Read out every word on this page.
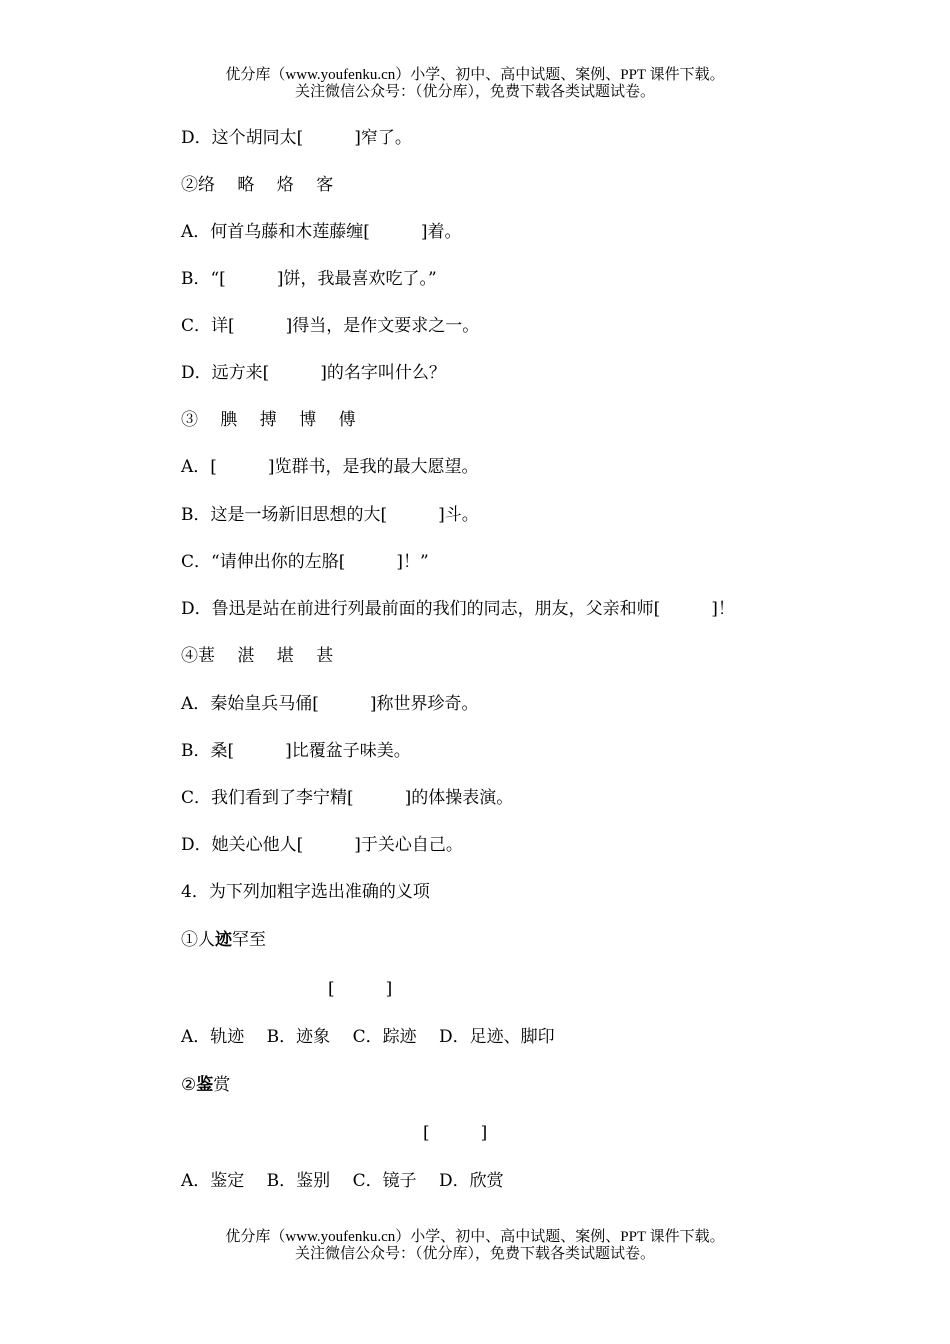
优分库（www.youfenku.cn）小学、初中、高中试题、案例、PPT 课件下载。
关注微信公众号：（优分库），免费下载各类试题试卷。
D．这个胡同太[　　　]窄了。
②络　 略　 烙　 客
A．何首乌藤和木莲藤缠[　　　]着。
B．“[　　　]饼，我最喜欢吃了。”
C．详[　　　]得当，是作文要求之一。
D．远方来[　　　]的名字叫什么？
③　 腆　 搏　 博　 傅
A．[　　　]览群书，是我的最大愿望。
B．这是一场新旧思想的大[　　　]斗。
C．“请伸出你的左胳[　　　]！”
D．鲁迅是站在前进行列最前面的我们的同志，朋友，父亲和师[　　　]！
④葚　 湛　 堪　 甚
A．秦始皇兵马俑[　　　]称世界珍奇。
B．桑[　　　]比覆盆子味美。
C．我们看到了李宁精[　　　]的体操表演。
D．她关心他人[　　　]于关心自己。
4．为下列加粗字选出准确的义项
①人迹罕至
[　　　]
A．轨迹　 B．迹象　 C．踪迹　 D．足迹、脚印
②鉴赏
[　　　]
A．鉴定　 B．鉴别　 C．镜子　 D．欣赏
优分库（www.youfenku.cn）小学、初中、高中试题、案例、PPT 课件下载。
关注微信公众号：（优分库），免费下载各类试题试卷。
